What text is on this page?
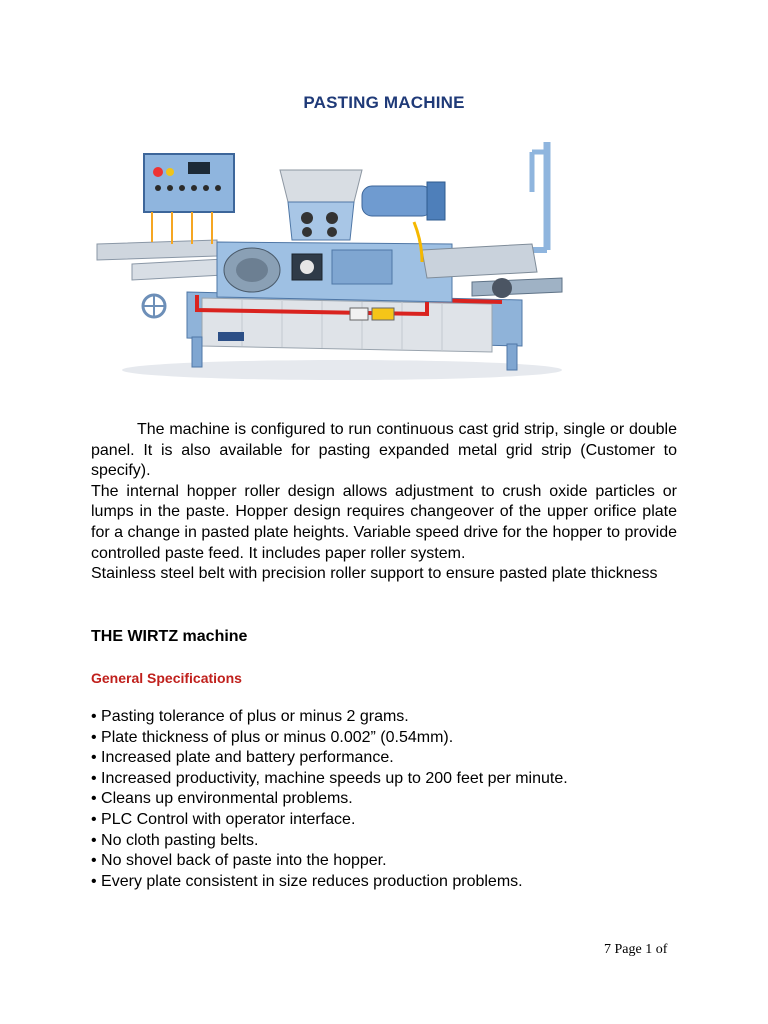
PASTING MACHINE

The machine is configured to run continuous cast grid strip, single or double panel. It is also available for pasting expanded metal grid strip (Customer to specify).

The internal hopper roller design allows adjustment to crush oxide particles or lumps in the paste. Hopper design requires changeover of the upper orifice plate for a change in pasted plate heights. Variable speed drive for the hopper to provide controlled paste feed. It includes paper roller system.

Stainless steel belt with precision roller support to ensure pasted plate thickness

THE WIRTZ machine
General Specifications
• Pasting tolerance of plus or minus 2 grams.
• Plate thickness of plus or minus 0.002” (0.54mm).
• Increased plate and battery performance.
• Increased productivity, machine speeds up to 200 feet per minute.
• Cleans up environmental problems.
• PLC Control with operator interface.
• No cloth pasting belts.
• No shovel back of paste into the hopper.
• Every plate consistent in size reduces production problems.
7 Page 1 of
